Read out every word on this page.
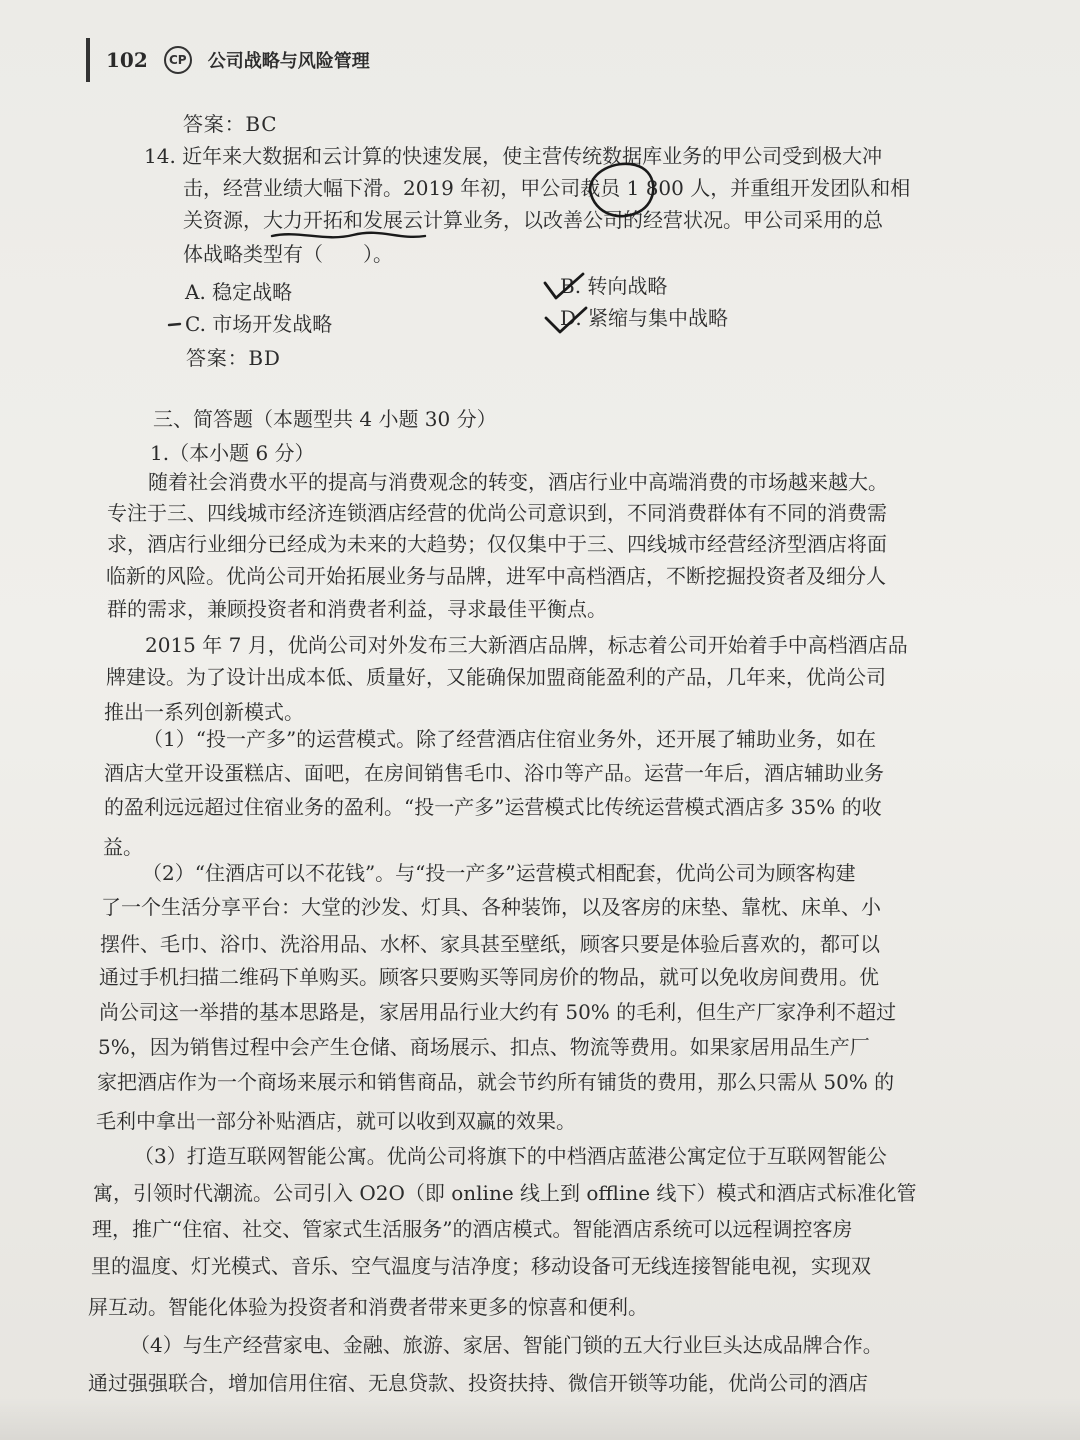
102	CP 公司战略与风险管理
答案：BC
14. 近年来大数据和云计算的快速发展，使主营传统数据库业务的甲公司受到极大冲
击，经营业绩大幅下滑。2019 年初，甲公司裁员 1 800 人，并重组开发团队和相
关资源，大力开拓和发展云计算业务，以改善公司的经营状况。甲公司采用的总
体战略类型有（　　）。
A. 稳定战略	B. 转向战略
C. 市场开发战略	D. 紧缩与集中战略
答案：BD
三、简答题（本题型共 4 小题 30 分）
1.（本小题 6 分）
随着社会消费水平的提高与消费观念的转变，酒店行业中高端消费的市场越来越大。
专注于三、四线城市经济连锁酒店经营的优尚公司意识到，不同消费群体有不同的消费需
求，酒店行业细分已经成为未来的大趋势；仅仅集中于三、四线城市经营经济型酒店将面
临新的风险。优尚公司开始拓展业务与品牌，进军中高档酒店，不断挖掘投资者及细分人
群的需求，兼顾投资者和消费者利益，寻求最佳平衡点。
2015 年 7 月，优尚公司对外发布三大新酒店品牌，标志着公司开始着手中高档酒店品
牌建设。为了设计出成本低、质量好，又能确保加盟商能盈利的产品，几年来，优尚公司
推出一系列创新模式。
（1）“投一产多”的运营模式。除了经营酒店住宿业务外，还开展了辅助业务，如在
酒店大堂开设蛋糕店、面吧，在房间销售毛巾、浴巾等产品。运营一年后，酒店辅助业务
的盈利远远超过住宿业务的盈利。“投一产多”运营模式比传统运营模式酒店多 35% 的收
益。
（2）“住酒店可以不花钱”。与“投一产多”运营模式相配套，优尚公司为顾客构建
了一个生活分享平台：大堂的沙发、灯具、各种装饰，以及客房的床垫、靠枕、床单、小
摆件、毛巾、浴巾、洗浴用品、水杯、家具甚至壁纸，顾客只要是体验后喜欢的，都可以
通过手机扫描二维码下单购买。顾客只要购买等同房价的物品，就可以免收房间费用。优
尚公司这一举措的基本思路是，家居用品行业大约有 50% 的毛利，但生产厂家净利不超过
5%，因为销售过程中会产生仓储、商场展示、扣点、物流等费用。如果家居用品生产厂
家把酒店作为一个商场来展示和销售商品，就会节约所有铺货的费用，那么只需从 50% 的
毛利中拿出一部分补贴酒店，就可以收到双赢的效果。
（3）打造互联网智能公寓。优尚公司将旗下的中档酒店蓝港公寓定位于互联网智能公
寓，引领时代潮流。公司引入 O2O（即 online 线上到 offline 线下）模式和酒店式标准化管
理，推广“住宿、社交、管家式生活服务”的酒店模式。智能酒店系统可以远程调控客房
里的温度、灯光模式、音乐、空气温度与洁净度；移动设备可无线连接智能电视，实现双
屏互动。智能化体验为投资者和消费者带来更多的惊喜和便利。
（4）与生产经营家电、金融、旅游、家居、智能门锁的五大行业巨头达成品牌合作。
通过强强联合，增加信用住宿、无息贷款、投资扶持、微信开锁等功能，优尚公司的酒店
